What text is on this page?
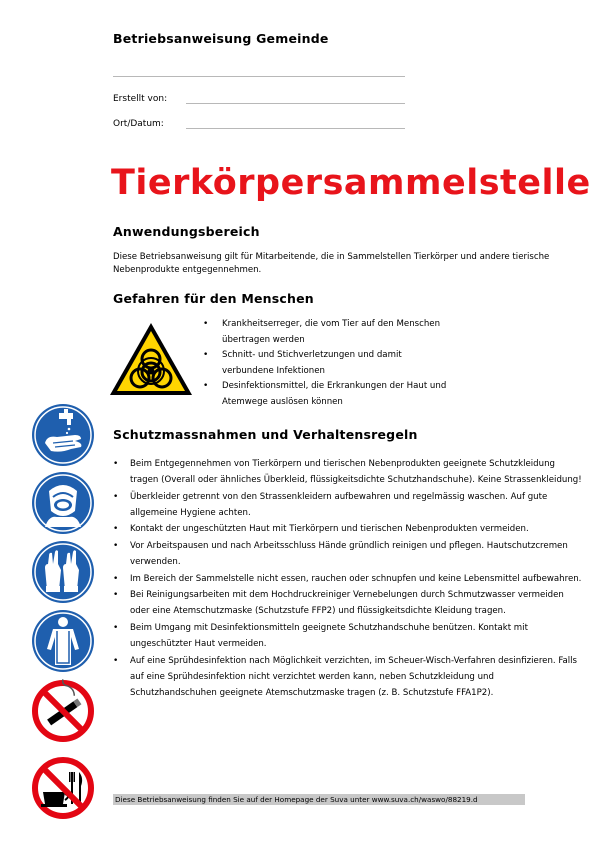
Betriebsanweisung Gemeinde
Erstellt von:
Ort/Datum:
Tierkörpersammelstelle
Anwendungsbereich
Diese Betriebsanweisung gilt für Mitarbeitende, die in Sammelstellen Tierkörper und andere tierische Nebenprodukte entgegennehmen.
Gefahren für den Menschen
• Krankheitserreger, die vom Tier auf den Menschen übertragen werden
• Schnitt- und Stichverletzungen und damit verbundene Infektionen
• Desinfektionsmittel, die Erkrankungen der Haut und Atemwege auslösen können
Schutzmassnahmen und Verhaltensregeln
• Beim Entgegennehmen von Tierkörpern und tierischen Nebenprodukten geeignete Schutzkleidung tragen (Overall oder ähnliches Überkleid, flüssigkeitsdichte Schutzhandschuhe). Keine Strassenkleidung!
• Überkleider getrennt von den Strassenkleidern aufbewahren und regelmässig waschen. Auf gute allgemeine Hygiene achten.
• Kontakt der ungeschützten Haut mit Tierkörpern und tierischen Nebenprodukten vermeiden.
• Vor Arbeitspausen und nach Arbeitsschluss Hände gründlich reinigen und pflegen. Hautschutzcremen verwenden.
• Im Bereich der Sammelstelle nicht essen, rauchen oder schnupfen und keine Lebensmittel aufbewahren.
• Bei Reinigungsarbeiten mit dem Hochdruckreiniger Vernebelungen durch Schmutzwasser vermeiden oder eine Atemschutzmaske (Schutzstufe FFP2) und flüssigkeitsdichte Kleidung tragen.
• Beim Umgang mit Desinfektionsmitteln geeignete Schutzhandschuhe benützen. Kontakt mit ungeschützter Haut vermeiden.
• Auf eine Sprühdesinfektion nach Möglichkeit verzichten, im Scheuer-Wisch-Verfahren desinfizieren. Falls auf eine Sprühdesinfektion nicht verzichtet werden kann, neben Schutzkleidung und Schutzhandschuhen geeignete Atemschutzmaske tragen (z. B. Schutzstufe FFA1P2).
Diese Betriebsanweisung finden Sie auf der Homepage der Suva unter www.suva.ch/waswo/88219.d
